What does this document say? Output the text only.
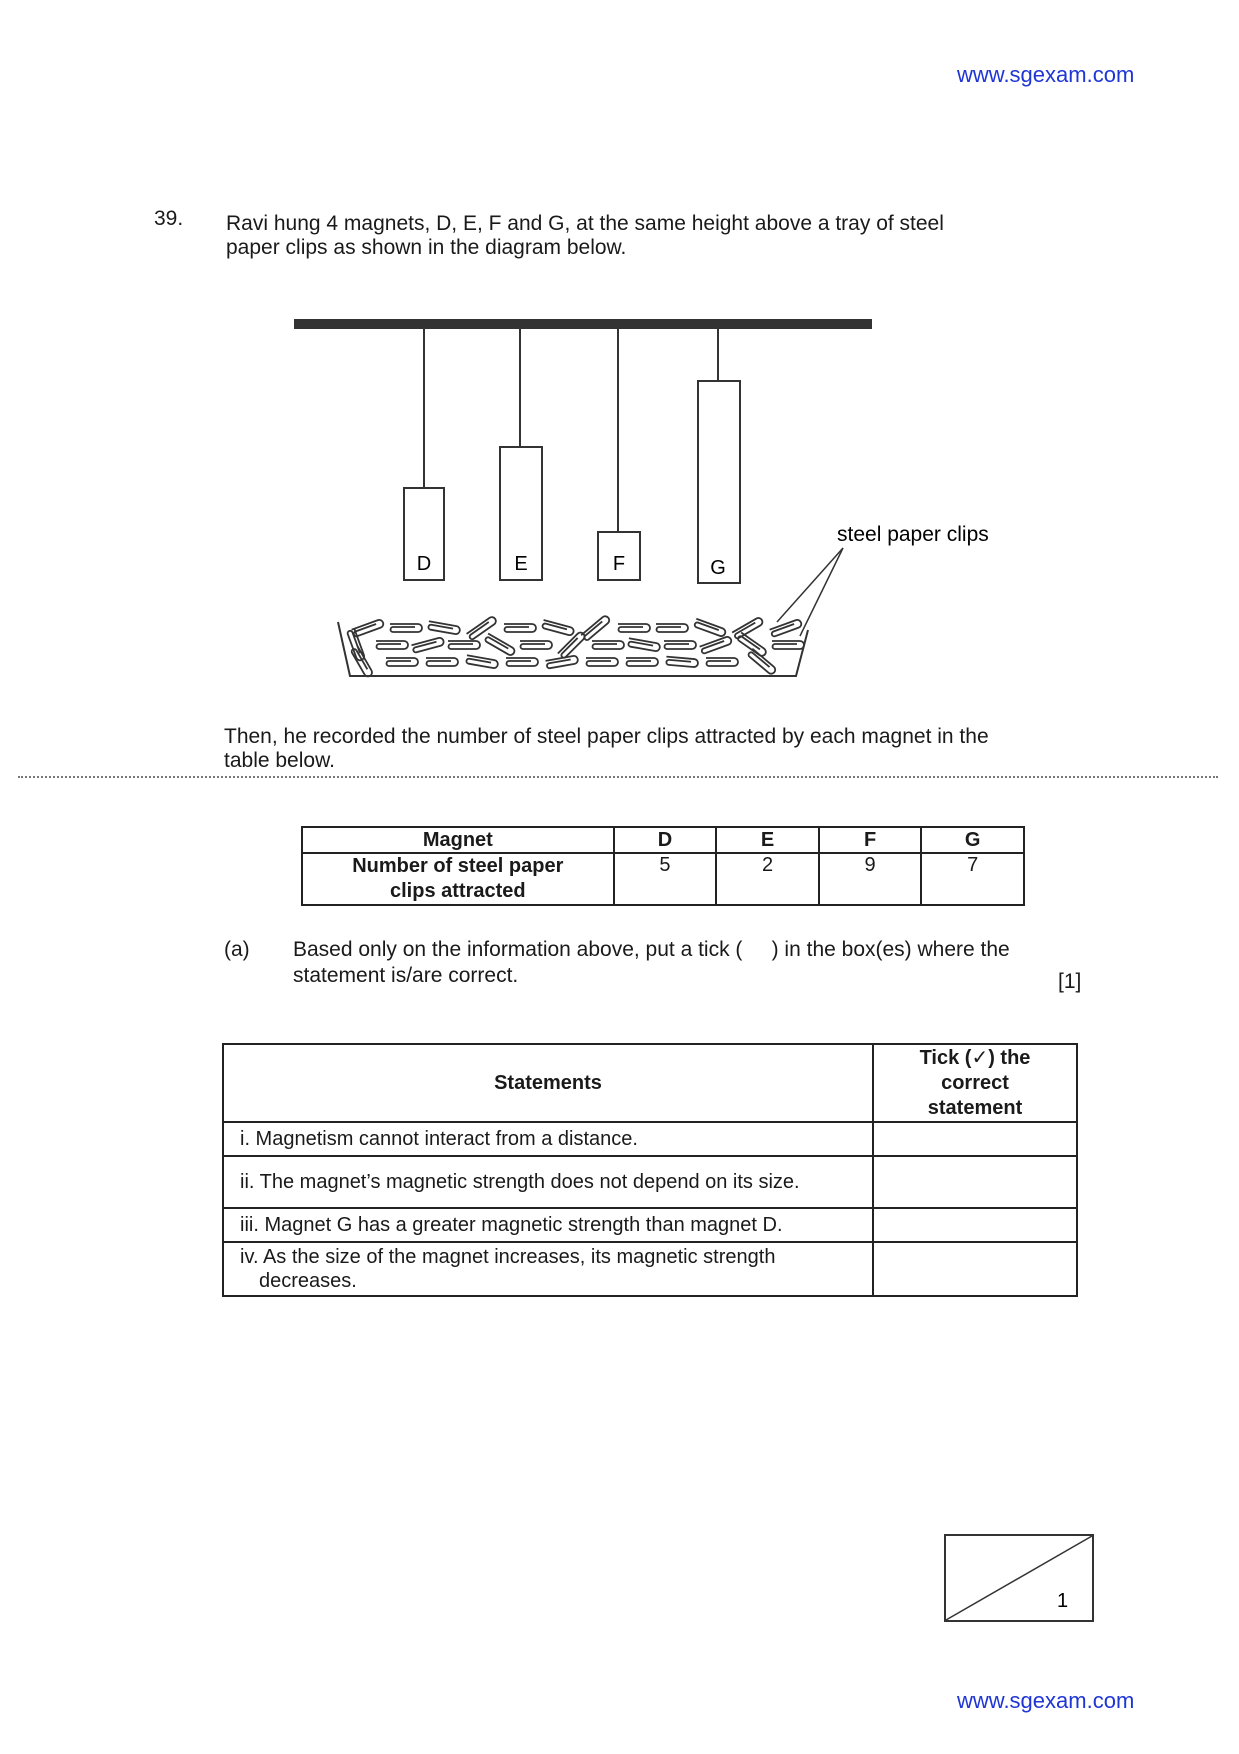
www.sgexam.com
39. Ravi hung 4 magnets, D, E, F and G, at the same height above a tray of steel
paper clips as shown in the diagram below.
D	E	F	G
steel paper clips
Then, he recorded the number of steel paper clips attracted by each magnet in the
table below.
Magnet	D	E	F	G
Number of steel paper clips attracted	5	2	9	7
(a) Based only on the information above, put a tick (     ) in the box(es) where the
statement is/are correct.	[1]
Statements	Tick (✓) the correct statement

i. Magnetism cannot interact from a distance.	

ii. The magnet’s magnetic strength does not depend on its size.	

iii. Magnet G has a greater magnetic strength than magnet D.	

iv. As the size of the magnet increases, its magnetic strength decreases.	

1
www.sgexam.com
